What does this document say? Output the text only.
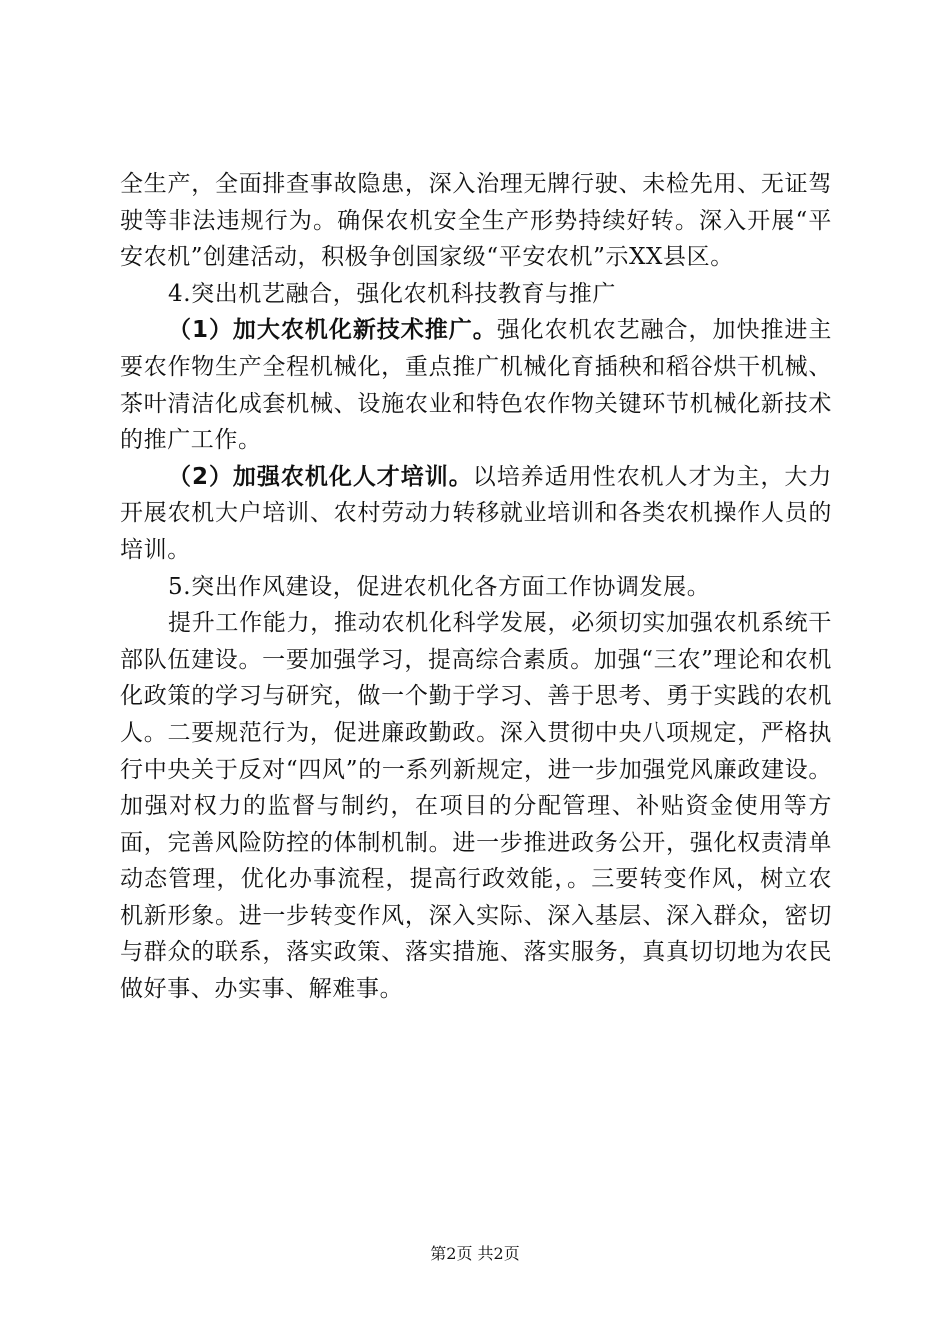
全生产，全面排查事故隐患，深入治理无牌行驶、未检先用、无证驾驶等非法违规行为。确保农机安全生产形势持续好转。深入开展“平安农机”创建活动，积极争创国家级“平安农机”示XX县区。

4.突出机艺融合，强化农机科技教育与推广

（1）加大农机化新技术推广。强化农机农艺融合，加快推进主要农作物生产全程机械化，重点推广机械化育插秧和稻谷烘干机械、茶叶清洁化成套机械、设施农业和特色农作物关键环节机械化新技术的推广工作。

（2）加强农机化人才培训。以培养适用性农机人才为主，大力开展农机大户培训、农村劳动力转移就业培训和各类农机操作人员的培训。

5.突出作风建设，促进农机化各方面工作协调发展。

提升工作能力，推动农机化科学发展，必须切实加强农机系统干部队伍建设。一要加强学习，提高综合素质。加强“三农”理论和农机化政策的学习与研究，做一个勤于学习、善于思考、勇于实践的农机人。二要规范行为，促进廉政勤政。深入贯彻中央八项规定，严格执行中央关于反对“四风”的一系列新规定，进一步加强党风廉政建设。加强对权力的监督与制约，在项目的分配管理、补贴资金使用等方面，完善风险防控的体制机制。进一步推进政务公开，强化权责清单动态管理，优化办事流程，提高行政效能，。三要转变作风，树立农机新形象。进一步转变作风，深入实际、深入基层、深入群众，密切与群众的联系，落实政策、落实措施、落实服务，真真切切地为农民做好事、办实事、解难事。

第2页 共2页
